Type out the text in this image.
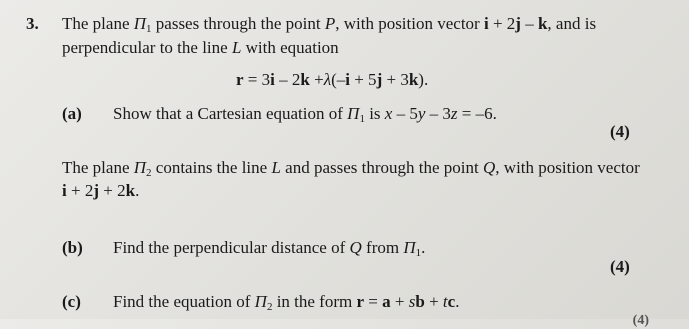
3. The plane $\Pi_1$ passes through the point P, with position vector i + 2j – k, and is
perpendicular to the line L with equation
r = 3i – 2k +λ(–i + 5j + 3k).
(a) Show that a Cartesian equation of $\Pi_1$ is x – 5y – 3z = –6.
(4)
The plane $\Pi_2$ contains the line L and passes through the point Q, with position vector
i + 2j + 2k.
(b) Find the perpendicular distance of Q from $\Pi_1$.
(4)
(c) Find the equation of $\Pi_2$ in the form r = a + sb + tc.
(4)
